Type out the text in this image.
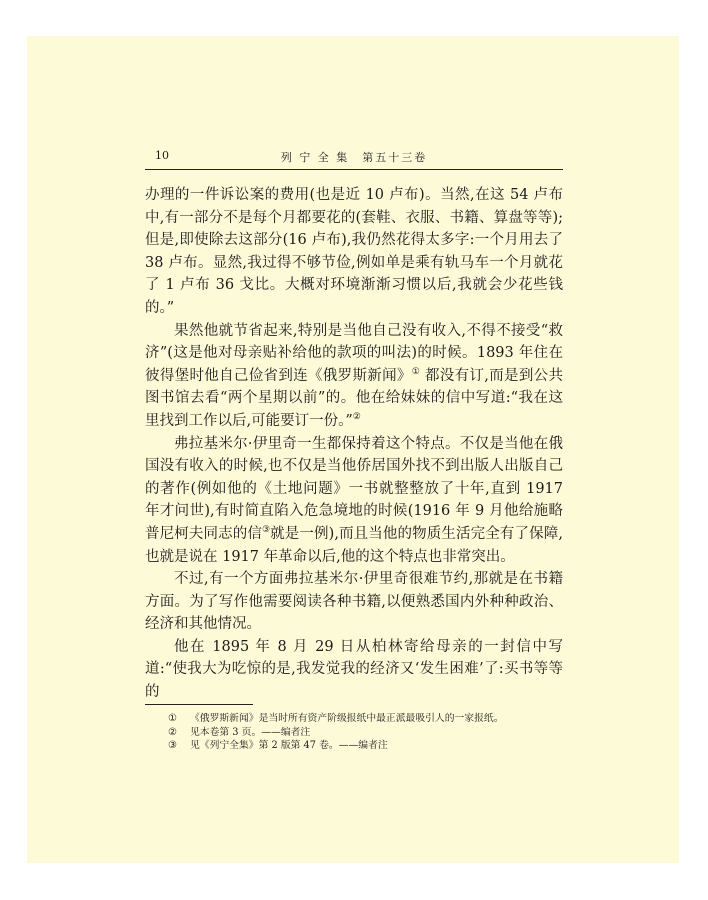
10	列 宁 全 集　第五十三卷

办理的一件诉讼案的费用(也是近 10 卢布)。当然,在这 54 卢布中,有一部分不是每个月都要花的(套鞋、衣服、书籍、算盘等等);但是,即使除去这部分(16 卢布),我仍然花得太多字:一个月用去了 38 卢布。显然,我过得不够节俭,例如单是乘有轨马车一个月就花了 1 卢布 36 戈比。大概对环境渐渐习惯以后,我就会少花些钱的。”

果然他就节省起来,特别是当他自己没有收入,不得不接受“救济”(这是他对母亲贴补给他的款项的叫法)的时候。1893 年住在彼得堡时他自己俭省到连《俄罗斯新闻》① 都没有订,而是到公共图书馆去看“两个星期以前”的。他在给妹妹的信中写道:“我在这里找到工作以后,可能要订一份。”②

弗拉基米尔·伊里奇一生都保持着这个特点。不仅是当他在俄国没有收入的时候,也不仅是当他侨居国外找不到出版人出版自己的著作(例如他的《土地问题》一书就整整放了十年,直到 1917 年才问世),有时简直陷入危急境地的时候(1916 年 9 月他给施略普尼柯夫同志的信③就是一例),而且当他的物质生活完全有了保障,也就是说在 1917 年革命以后,他的这个特点也非常突出。

不过,有一个方面弗拉基米尔·伊里奇很难节约,那就是在书籍方面。为了写作他需要阅读各种书籍,以便熟悉国内外种种政治、经济和其他情况。

他在 1895 年 8 月 29 日从柏林寄给母亲的一封信中写道:“使我大为吃惊的是,我发觉我的经济又‘发生困难’了:买书等等的

①	《俄罗斯新闻》是当时所有资产阶级报纸中最正派最吸引人的一家报纸。
②	见本卷第 3 页。——编者注
③	见《列宁全集》第 2 版第 47 卷。——编者注
